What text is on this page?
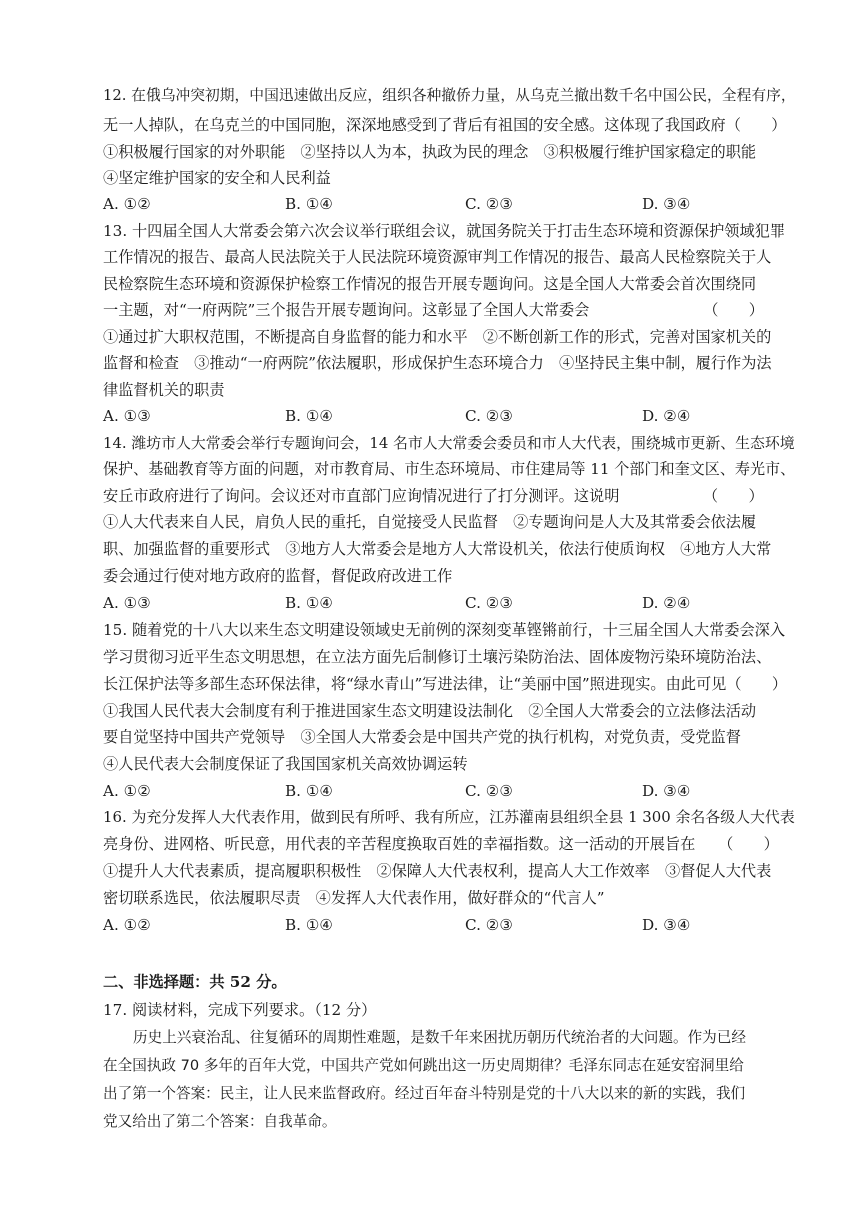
12. 在俄乌冲突初期，中国迅速做出反应，组织各种撤侨力量，从乌克兰撤出数千名中国公民，全程有序，
无一人掉队，在乌克兰的中国同胞，深深地感受到了背后有祖国的安全感。这体现了我国政府（　　）
①积极履行国家的对外职能　②坚持以人为本，执政为民的理念　③积极履行维护国家稳定的职能
④坚定维护国家的安全和人民利益
A. ①②	B. ①④	C. ②③	D. ③④
13. 十四届全国人大常委会第六次会议举行联组会议，就国务院关于打击生态环境和资源保护领域犯罪
工作情况的报告、最高人民法院关于人民法院环境资源审判工作情况的报告、最高人民检察院关于人
民检察院生态环境和资源保护检察工作情况的报告开展专题询问。这是全国人大常委会首次围绕同
一主题，对“一府两院”三个报告开展专题询问。这彰显了全国人大常委会　　　　　　　　（　　）
①通过扩大职权范围，不断提高自身监督的能力和水平　②不断创新工作的形式，完善对国家机关的
监督和检查　③推动“一府两院”依法履职，形成保护生态环境合力　④坚持民主集中制，履行作为法
律监督机关的职责
A. ①③	B. ①④	C. ②③	D. ②④
14. 潍坊市人大常委会举行专题询问会，14 名市人大常委会委员和市人大代表，围绕城市更新、生态环境
保护、基础教育等方面的问题，对市教育局、市生态环境局、市住建局等 11 个部门和奎文区、寿光市、
安丘市政府进行了询问。会议还对市直部门应询情况进行了打分测评。这说明　　　　　　（　　）
①人大代表来自人民，肩负人民的重托，自觉接受人民监督　②专题询问是人大及其常委会依法履
职、加强监督的重要形式　③地方人大常委会是地方人大常设机关，依法行使质询权　④地方人大常
委会通过行使对地方政府的监督，督促政府改进工作
A. ①③	B. ①④	C. ②③	D. ②④
15. 随着党的十八大以来生态文明建设领域史无前例的深刻变革铿锵前行，十三届全国人大常委会深入
学习贯彻习近平生态文明思想，在立法方面先后制修订土壤污染防治法、固体废物污染环境防治法、
长江保护法等多部生态环保法律，将“绿水青山”写进法律，让“美丽中国”照进现实。由此可见（　　）
①我国人民代表大会制度有利于推进国家生态文明建设法制化　②全国人大常委会的立法修法活动
要自觉坚持中国共产党领导　③全国人大常委会是中国共产党的执行机构，对党负责，受党监督
④人民代表大会制度保证了我国国家机关高效协调运转
A. ①②	B. ①④	C. ②③	D. ③④
16. 为充分发挥人大代表作用，做到民有所呼、我有所应，江苏灌南县组织全县 1 300 余名各级人大代表
亮身份、进网格、听民意，用代表的辛苦程度换取百姓的幸福指数。这一活动的开展旨在　　（　　）
①提升人大代表素质，提高履职积极性　②保障人大代表权利，提高人大工作效率　③督促人大代表
密切联系选民，依法履职尽责　④发挥人大代表作用，做好群众的“代言人”
A. ①②	B. ①④	C. ②③	D. ③④
二、非选择题：共 52 分。
17. 阅读材料，完成下列要求。（12 分）
历史上兴衰治乱、往复循环的周期性难题，是数千年来困扰历朝历代统治者的大问题。作为已经
在全国执政 70 多年的百年大党，中国共产党如何跳出这一历史周期律？毛泽东同志在延安窑洞里给
出了第一个答案：民主，让人民来监督政府。经过百年奋斗特别是党的十八大以来的新的实践，我们
党又给出了第二个答案：自我革命。
